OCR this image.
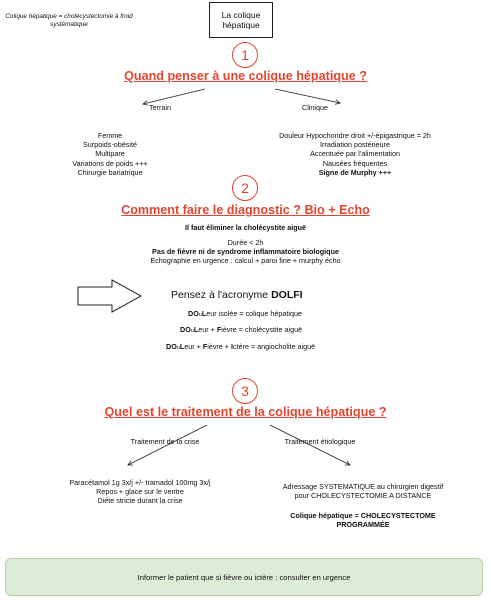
Colique hépatique = cholécystectomie à froid systématique
La colique hépatique
1
Quand penser à une colique hépatique ?
Terrain	Clinique
Femme
Surpoids-obésité
Multipare
Variations de poids +++
Chirurgie bariatrique
Douleur Hypochondre droit +/-épigastrique = 2h
Irradiation postérieure
Accentuée par l'alimentation
Nausées fréquentes
Signe de Murphy +++
2
Comment faire le diagnostic ? Bio + Echo
Il faut éliminer la cholécystite aiguë
Durée < 2h
Pas de fièvre ni de syndrome inflammatoire biologique
Echographie en urgence : calcul + paroi fine + murphy écho
Pensez à l'acronyme DOLFI
DOuLeur isolée = colique hépatique
DOuLeur + Fièvre = cholécystite aiguë
DOuLeur + Fièvre + Ictère = angiocholite aiguë
3
Quel est le traitement de la colique hépatique ?
Traitement de la crise	Traitement étiologique
Paracétamol 1g 3x/j +/- tramadol 100mg 3x/j
Repos + glace sur le ventre
Diète stricte durant la crise
Adressage SYSTEMATIQUE au chirurgien digestif
pour CHOLECYSTECTOMIE A DISTANCE
Colique hépatique = CHOLECYSTECTOME
PROGRAMMÉE
Informer le patient que si fièvre ou ictère : consulter en urgence
